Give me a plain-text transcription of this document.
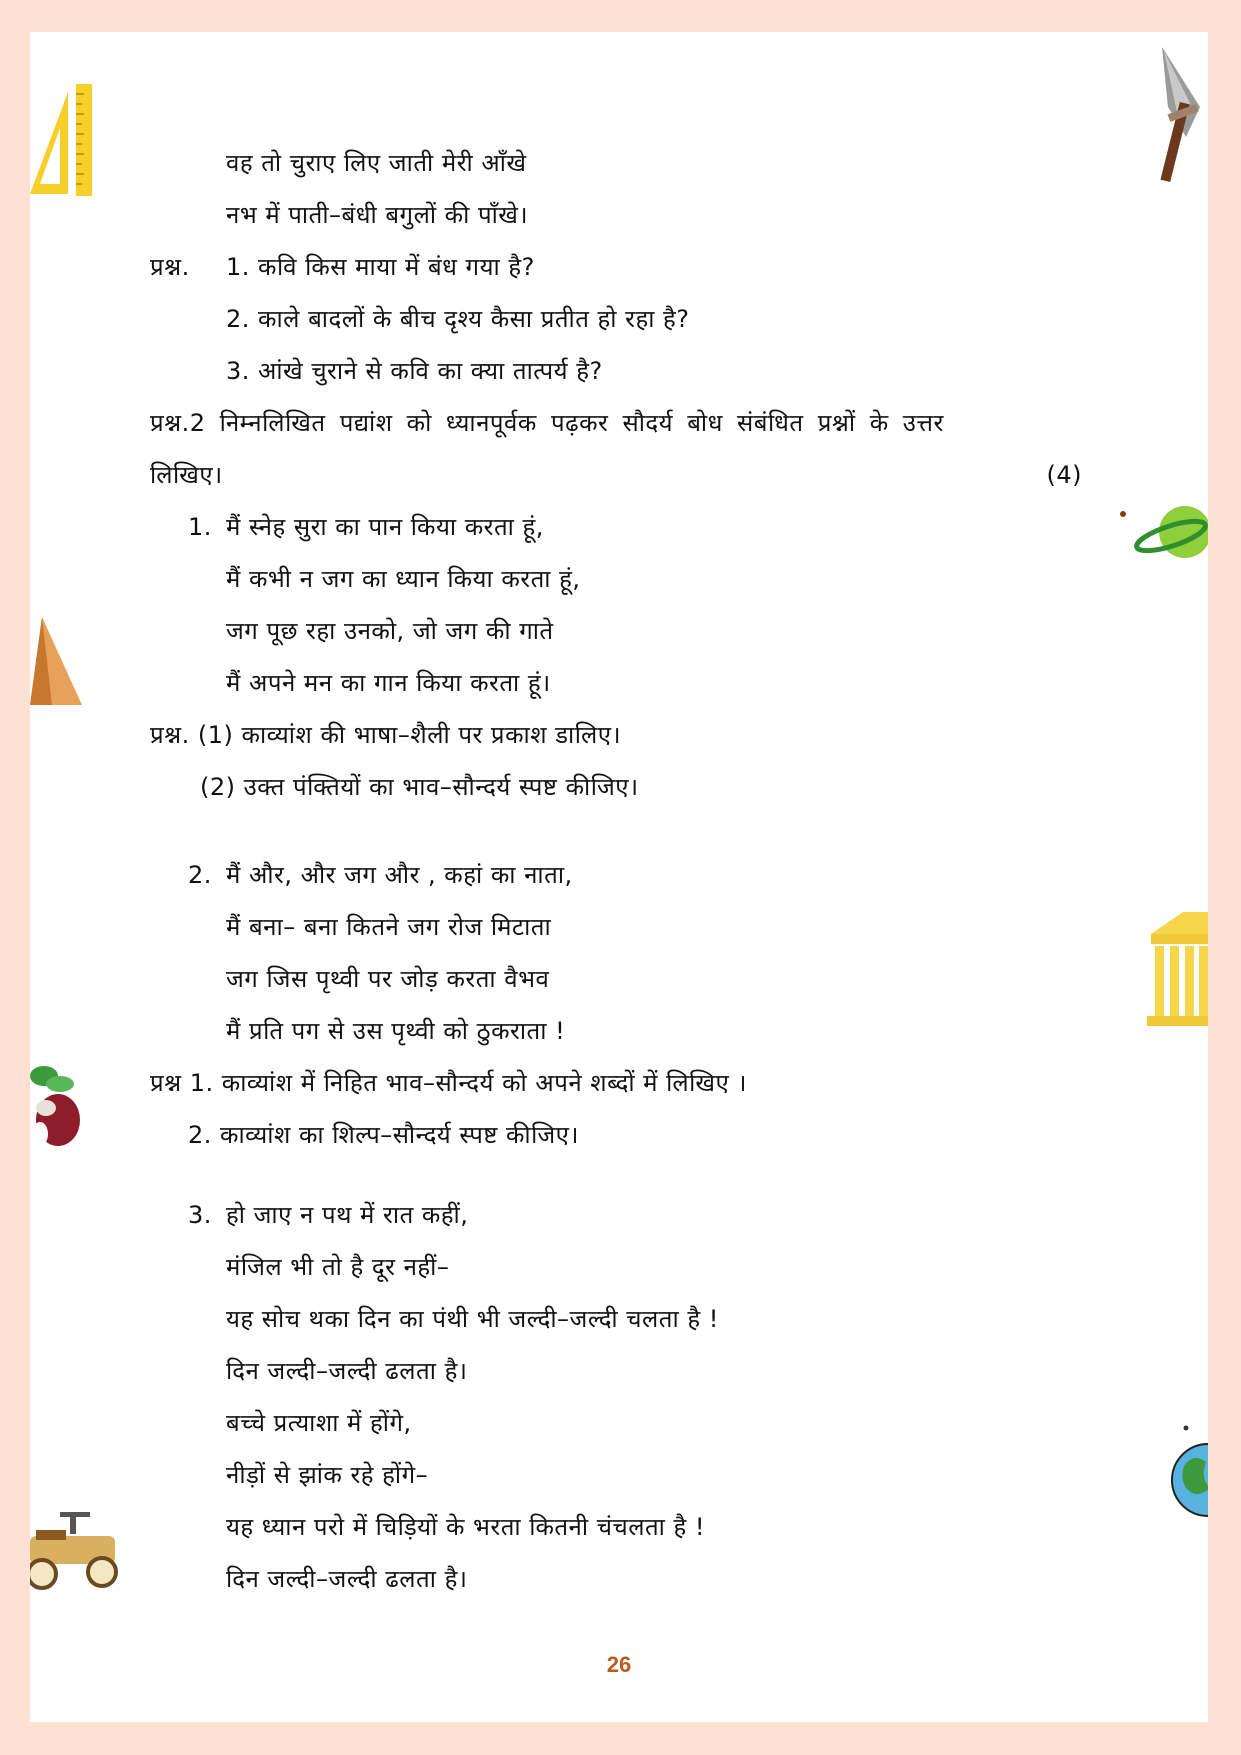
वह तो चुराए लिए जाती मेरी आँखे
नभ में पाती–बंधी बगुलों की पाँखे।
प्रश्न. 1. कवि किस माया में बंध गया है?
2. काले बादलों के बीच दृश्य कैसा प्रतीत हो रहा है?
3. आंखे चुराने से कवि का क्या तात्पर्य है?
प्रश्न.2 निम्नलिखित पद्यांश को ध्यानपूर्वक पढ़कर सौदर्य बोध संबंधित प्रश्नों के उत्तर
लिखिए।	(4)
1. मैं स्नेह सुरा का पान किया करता हूं,
मैं कभी न जग का ध्यान किया करता हूं,
जग पूछ रहा उनको, जो जग की गाते
मैं अपने मन का गान किया करता हूं।
प्रश्न. (1) काव्यांश की भाषा–शैली पर प्रकाश डालिए।
(2) उक्त पंक्तियों का भाव–सौन्दर्य स्पष्ट कीजिए।
2. मैं और, और जग और , कहां का नाता,
मैं बना– बना कितने जग रोज मिटाता
जग जिस पृथ्वी पर जोड़ करता वैभव
मैं प्रति पग से उस पृथ्वी को ठुकराता !
प्रश्न 1. काव्यांश में निहित भाव–सौन्दर्य को अपने शब्दों में लिखिए ।
2. काव्यांश का शिल्प–सौन्दर्य स्पष्ट कीजिए।
3. हो जाए न पथ में रात कहीं,
मंजिल भी तो है दूर नहीं–
यह सोच थका दिन का पंथी भी जल्दी–जल्दी चलता है !
दिन जल्दी–जल्दी ढलता है।
बच्चे प्रत्याशा में होंगे,
नीड़ों से झांक रहे होंगे–
यह ध्यान परो में चिड़ियों के भरता कितनी चंचलता है !
दिन जल्दी–जल्दी ढलता है।
26
